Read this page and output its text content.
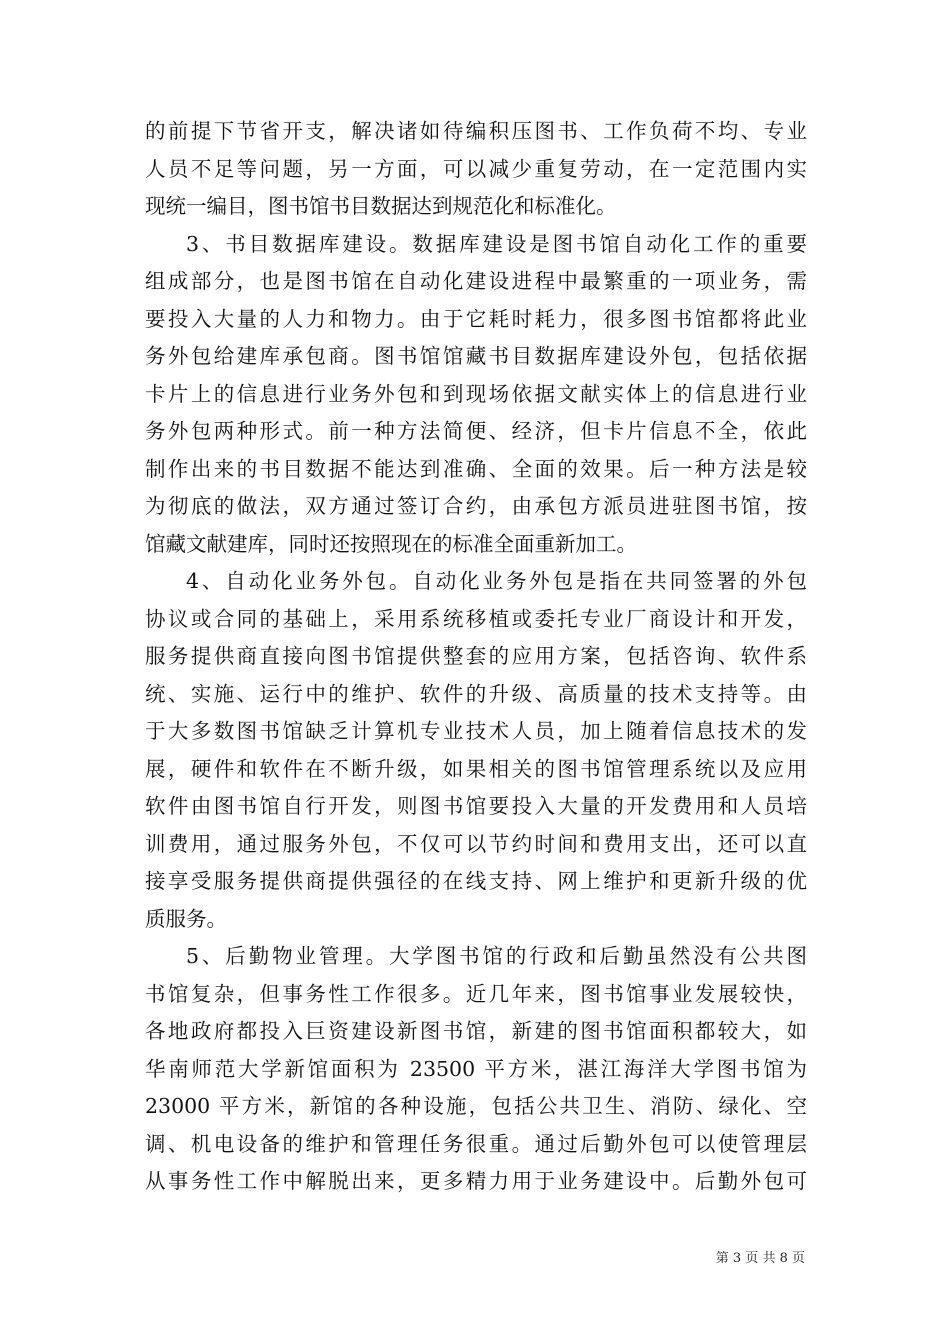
的前提下节省开支，解决诸如待编积压图书、工作负荷不均、专业
人员不足等问题，另一方面，可以减少重复劳动，在一定范围内实
现统一编目，图书馆书目数据达到规范化和标准化。
3、书目数据库建设。数据库建设是图书馆自动化工作的重要
组成部分，也是图书馆在自动化建设进程中最繁重的一项业务，需
要投入大量的人力和物力。由于它耗时耗力，很多图书馆都将此业
务外包给建库承包商。图书馆馆藏书目数据库建设外包，包括依据
卡片上的信息进行业务外包和到现场依据文献实体上的信息进行业
务外包两种形式。前一种方法简便、经济，但卡片信息不全，依此
制作出来的书目数据不能达到准确、全面的效果。后一种方法是较
为彻底的做法，双方通过签订合约，由承包方派员进驻图书馆，按
馆藏文献建库，同时还按照现在的标准全面重新加工。
4、自动化业务外包。自动化业务外包是指在共同签署的外包
协议或合同的基础上，采用系统移植或委托专业厂商设计和开发，
服务提供商直接向图书馆提供整套的应用方案，包括咨询、软件系
统、实施、运行中的维护、软件的升级、高质量的技术支持等。由
于大多数图书馆缺乏计算机专业技术人员，加上随着信息技术的发
展，硬件和软件在不断升级，如果相关的图书馆管理系统以及应用
软件由图书馆自行开发，则图书馆要投入大量的开发费用和人员培
训费用，通过服务外包，不仅可以节约时间和费用支出，还可以直
接享受服务提供商提供强径的在线支持、网上维护和更新升级的优
质服务。
5、后勤物业管理。大学图书馆的行政和后勤虽然没有公共图
书馆复杂，但事务性工作很多。近几年来，图书馆事业发展较快，
各地政府都投入巨资建设新图书馆，新建的图书馆面积都较大，如
华南师范大学新馆面积为 23500 平方米，湛江海洋大学图书馆为
23000 平方米，新馆的各种设施，包括公共卫生、消防、绿化、空
调、机电设备的维护和管理任务很重。通过后勤外包可以使管理层
从事务性工作中解脱出来，更多精力用于业务建设中。后勤外包可
第 3 页 共 8 页
